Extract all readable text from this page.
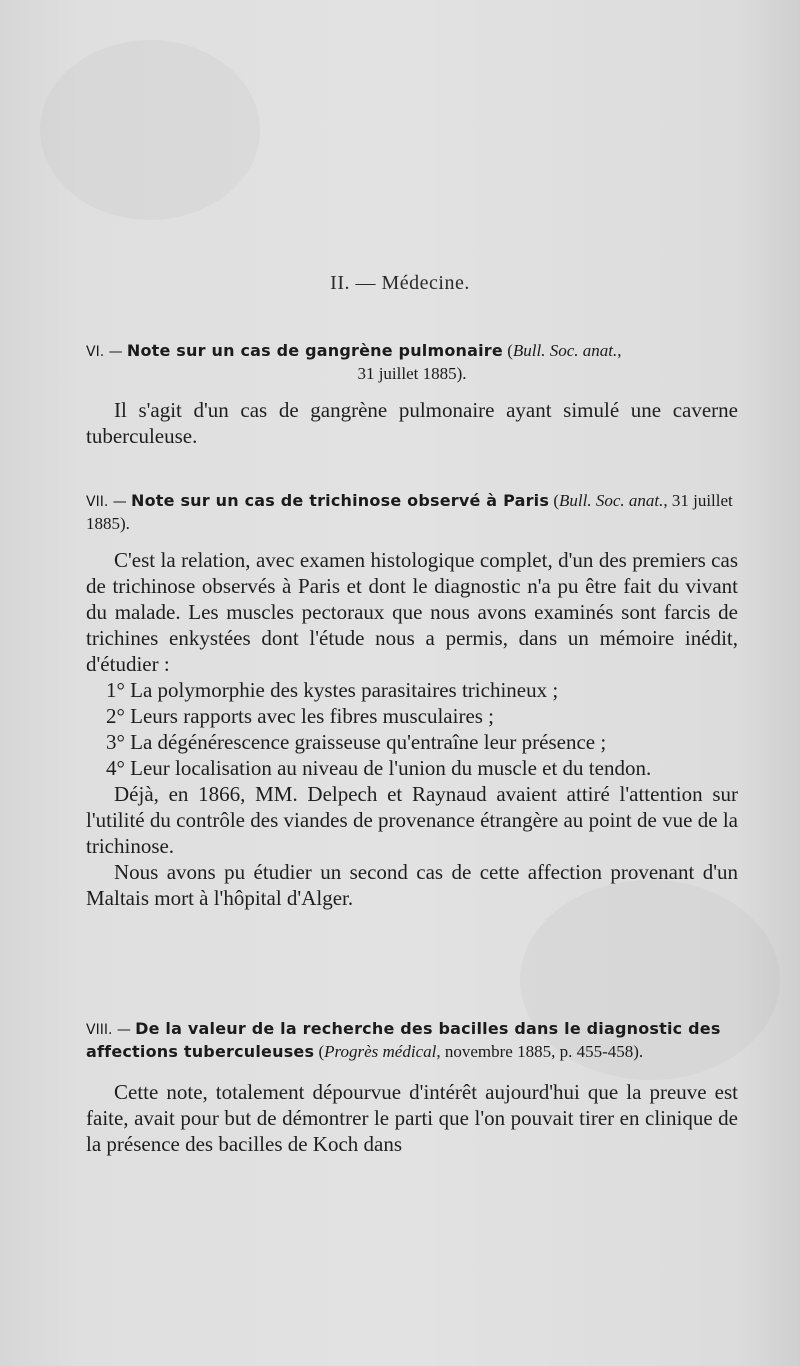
II. — Médecine.
VI. — Note sur un cas de gangrène pulmonaire (Bull. Soc. anat.,
31 juillet 1885).

Il s'agit d'un cas de gangrène pulmonaire ayant simulé une caverne tuberculeuse.

VII. — Note sur un cas de trichinose observé à Paris (Bull. Soc. anat., 31 juillet 1885).

C'est la relation, avec examen histologique complet, d'un des premiers cas de trichinose observés à Paris et dont le diagnostic n'a pu être fait du vivant du malade. Les muscles pectoraux que nous avons examinés sont farcis de trichines enkystées dont l'étude nous a permis, dans un mémoire inédit, d'étudier :

1° La polymorphie des kystes parasitaires trichineux ;

2° Leurs rapports avec les fibres musculaires ;

3° La dégénérescence graisseuse qu'entraîne leur présence ;

4° Leur localisation au niveau de l'union du muscle et du tendon.

Déjà, en 1866, MM. Delpech et Raynaud avaient attiré l'attention sur l'utilité du contrôle des viandes de provenance étrangère au point de vue de la trichinose.

Nous avons pu étudier un second cas de cette affection provenant d'un Maltais mort à l'hôpital d'Alger.

VIII. — De la valeur de la recherche des bacilles dans le diagnostic des affections tuberculeuses (Progrès médical, novembre 1885, p. 455-458).

Cette note, totalement dépourvue d'intérêt aujourd'hui que la preuve est faite, avait pour but de démontrer le parti que l'on pouvait tirer en clinique de la présence des bacilles de Koch dans
